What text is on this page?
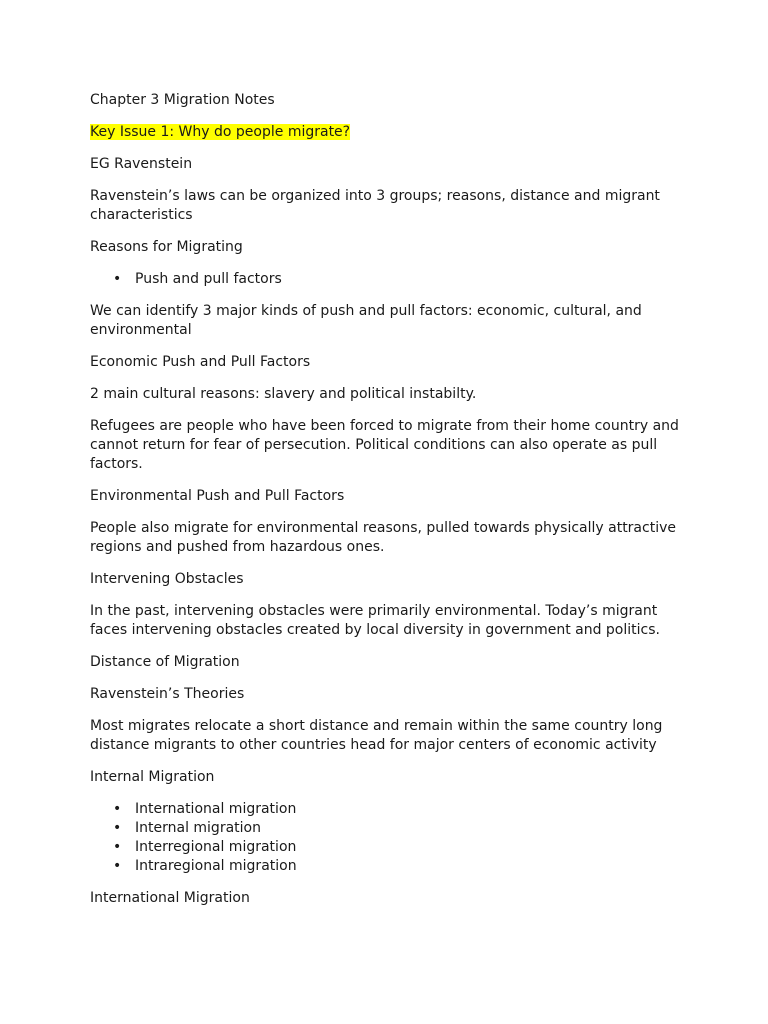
Chapter 3 Migration Notes

Key Issue 1: Why do people migrate?

EG Ravenstein

Ravenstein’s laws can be organized into 3 groups; reasons, distance and migrant characteristics

Reasons for Migrating

• Push and pull factors

We can identify 3 major kinds of push and pull factors: economic, cultural, and environmental

Economic Push and Pull Factors

2 main cultural reasons: slavery and political instabilty.

Refugees are people who have been forced to migrate from their home country and cannot return for fear of persecution. Political conditions can also operate as pull factors.

Environmental Push and Pull Factors

People also migrate for environmental reasons, pulled towards physically attractive regions and pushed from hazardous ones.

Intervening Obstacles

In the past, intervening obstacles were primarily environmental. Today’s migrant faces intervening obstacles created by local diversity in government and politics.

Distance of Migration

Ravenstein’s Theories

Most migrates relocate a short distance and remain within the same country long distance migrants to other countries head for major centers of economic activity

Internal Migration

• International migration
• Internal migration
• Interregional migration
• Intraregional migration

International Migration
